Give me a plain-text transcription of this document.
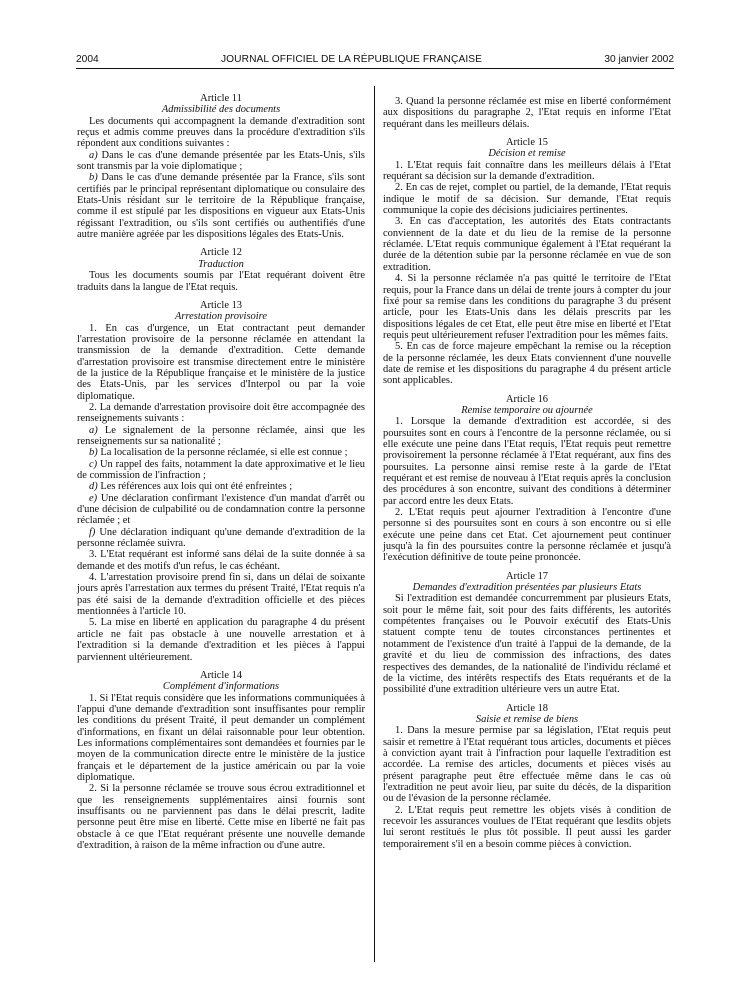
2004	JOURNAL OFFICIEL DE LA RÉPUBLIQUE FRANÇAISE	30 janvier 2002

Article 11

Admissibilité des documents

Les documents qui accompagnent la demande d'extradition sont reçus et admis comme preuves dans la procédure d'extradition s'ils répondent aux conditions suivantes :

a) Dans le cas d'une demande présentée par les Etats-Unis, s'ils sont transmis par la voie diplomatique ;

b) Dans le cas d'une demande présentée par la France, s'ils sont certifiés par le principal représentant diplomatique ou consulaire des Etats-Unis résidant sur le territoire de la République française, comme il est stipulé par les dispositions en vigueur aux Etats-Unis régissant l'extradition, ou s'ils sont certifiés ou authentifiés d'une autre manière agréée par les dispositions légales des Etats-Unis.

Article 12

Traduction

Tous les documents soumis par l'Etat requérant doivent être traduits dans la langue de l'Etat requis.

Article 13

Arrestation provisoire

1. En cas d'urgence, un Etat contractant peut demander l'arrestation provisoire de la personne réclamée en attendant la transmission de la demande d'extradition. Cette demande d'arrestation provisoire est transmise directement entre le ministère de la justice de la République française et le ministère de la justice des Etats-Unis, par les services d'Interpol ou par la voie diplomatique.

2. La demande d'arrestation provisoire doit être accompagnée des renseignements suivants :

a) Le signalement de la personne réclamée, ainsi que les renseignements sur sa nationalité ;

b) La localisation de la personne réclamée, si elle est connue ;

c) Un rappel des faits, notamment la date approximative et le lieu de commission de l'infraction ;

d) Les références aux lois qui ont été enfreintes ;

e) Une déclaration confirmant l'existence d'un mandat d'arrêt ou d'une décision de culpabilité ou de condamnation contre la personne réclamée ; et

f) Une déclaration indiquant qu'une demande d'extradition de la personne réclamée suivra.

3. L'Etat requérant est informé sans délai de la suite donnée à sa demande et des motifs d'un refus, le cas échéant.

4. L'arrestation provisoire prend fin si, dans un délai de soixante jours après l'arrestation aux termes du présent Traité, l'Etat requis n'a pas été saisi de la demande d'extradition officielle et des pièces mentionnées à l'article 10.

5. La mise en liberté en application du paragraphe 4 du présent article ne fait pas obstacle à une nouvelle arrestation et à l'extradition si la demande d'extradition et les pièces à l'appui parviennent ultérieurement.

Article 14

Complément d'informations

1. Si l'Etat requis considère que les informations communiquées à l'appui d'une demande d'extradition sont insuffisantes pour remplir les conditions du présent Traité, il peut demander un complément d'informations, en fixant un délai raisonnable pour leur obtention. Les informations complémentaires sont demandées et fournies par le moyen de la communication directe entre le ministère de la justice français et le département de la justice américain ou par la voie diplomatique.

2. Si la personne réclamée se trouve sous écrou extraditionnel et que les renseignements supplémentaires ainsi fournis sont insuffisants ou ne parviennent pas dans le délai prescrit, ladite personne peut être mise en liberté. Cette mise en liberté ne fait pas obstacle à ce que l'Etat requérant présente une nouvelle demande d'extradition, à raison de la même infraction ou d'une autre.

3. Quand la personne réclamée est mise en liberté conformément aux dispositions du paragraphe 2, l'Etat requis en informe l'Etat requérant dans les meilleurs délais.

Article 15

Décision et remise

1. L'Etat requis fait connaître dans les meilleurs délais à l'Etat requérant sa décision sur la demande d'extradition.

2. En cas de rejet, complet ou partiel, de la demande, l'Etat requis indique le motif de sa décision. Sur demande, l'Etat requis communique la copie des décisions judiciaires pertinentes.

3. En cas d'acceptation, les autorités des Etats contractants conviennent de la date et du lieu de la remise de la personne réclamée. L'Etat requis communique également à l'Etat requérant la durée de la détention subie par la personne réclamée en vue de son extradition.

4. Si la personne réclamée n'a pas quitté le territoire de l'Etat requis, pour la France dans un délai de trente jours à compter du jour fixé pour sa remise dans les conditions du paragraphe 3 du présent article, pour les Etats-Unis dans les délais prescrits par les dispositions légales de cet Etat, elle peut être mise en liberté et l'Etat requis peut ultérieurement refuser l'extradition pour les mêmes faits.

5. En cas de force majeure empêchant la remise ou la réception de la personne réclamée, les deux Etats conviennent d'une nouvelle date de remise et les dispositions du paragraphe 4 du présent article sont applicables.

Article 16

Remise temporaire ou ajournée

1. Lorsque la demande d'extradition est accordée, si des poursuites sont en cours à l'encontre de la personne réclamée, ou si elle exécute une peine dans l'Etat requis, l'Etat requis peut remettre provisoirement la personne réclamée à l'Etat requérant, aux fins des poursuites. La personne ainsi remise reste à la garde de l'Etat requérant et est remise de nouveau à l'Etat requis après la conclusion des procédures à son encontre, suivant des conditions à déterminer par accord entre les deux Etats.

2. L'Etat requis peut ajourner l'extradition à l'encontre d'une personne si des poursuites sont en cours à son encontre ou si elle exécute une peine dans cet Etat. Cet ajournement peut continuer jusqu'à la fin des poursuites contre la personne réclamée et jusqu'à l'exécution définitive de toute peine prononcée.

Article 17

Demandes d'extradition présentées par plusieurs Etats

Si l'extradition est demandée concurremment par plusieurs Etats, soit pour le même fait, soit pour des faits différents, les autorités compétentes françaises ou le Pouvoir exécutif des Etats-Unis statuent compte tenu de toutes circonstances pertinentes et notamment de l'existence d'un traité à l'appui de la demande, de la gravité et du lieu de commission des infractions, des dates respectives des demandes, de la nationalité de l'individu réclamé et de la victime, des intérêts respectifs des Etats requérants et de la possibilité d'une extradition ultérieure vers un autre Etat.

Article 18

Saisie et remise de biens

1. Dans la mesure permise par sa législation, l'Etat requis peut saisir et remettre à l'Etat requérant tous articles, documents et pièces à conviction ayant trait à l'infraction pour laquelle l'extradition est accordée. La remise des articles, documents et pièces visés au présent paragraphe peut être effectuée même dans le cas où l'extradition ne peut avoir lieu, par suite du décès, de la disparition ou de l'évasion de la personne réclamée.

2. L'Etat requis peut remettre les objets visés à condition de recevoir les assurances voulues de l'Etat requérant que lesdits objets lui seront restitués le plus tôt possible. Il peut aussi les garder temporairement s'il en a besoin comme pièces à conviction.
